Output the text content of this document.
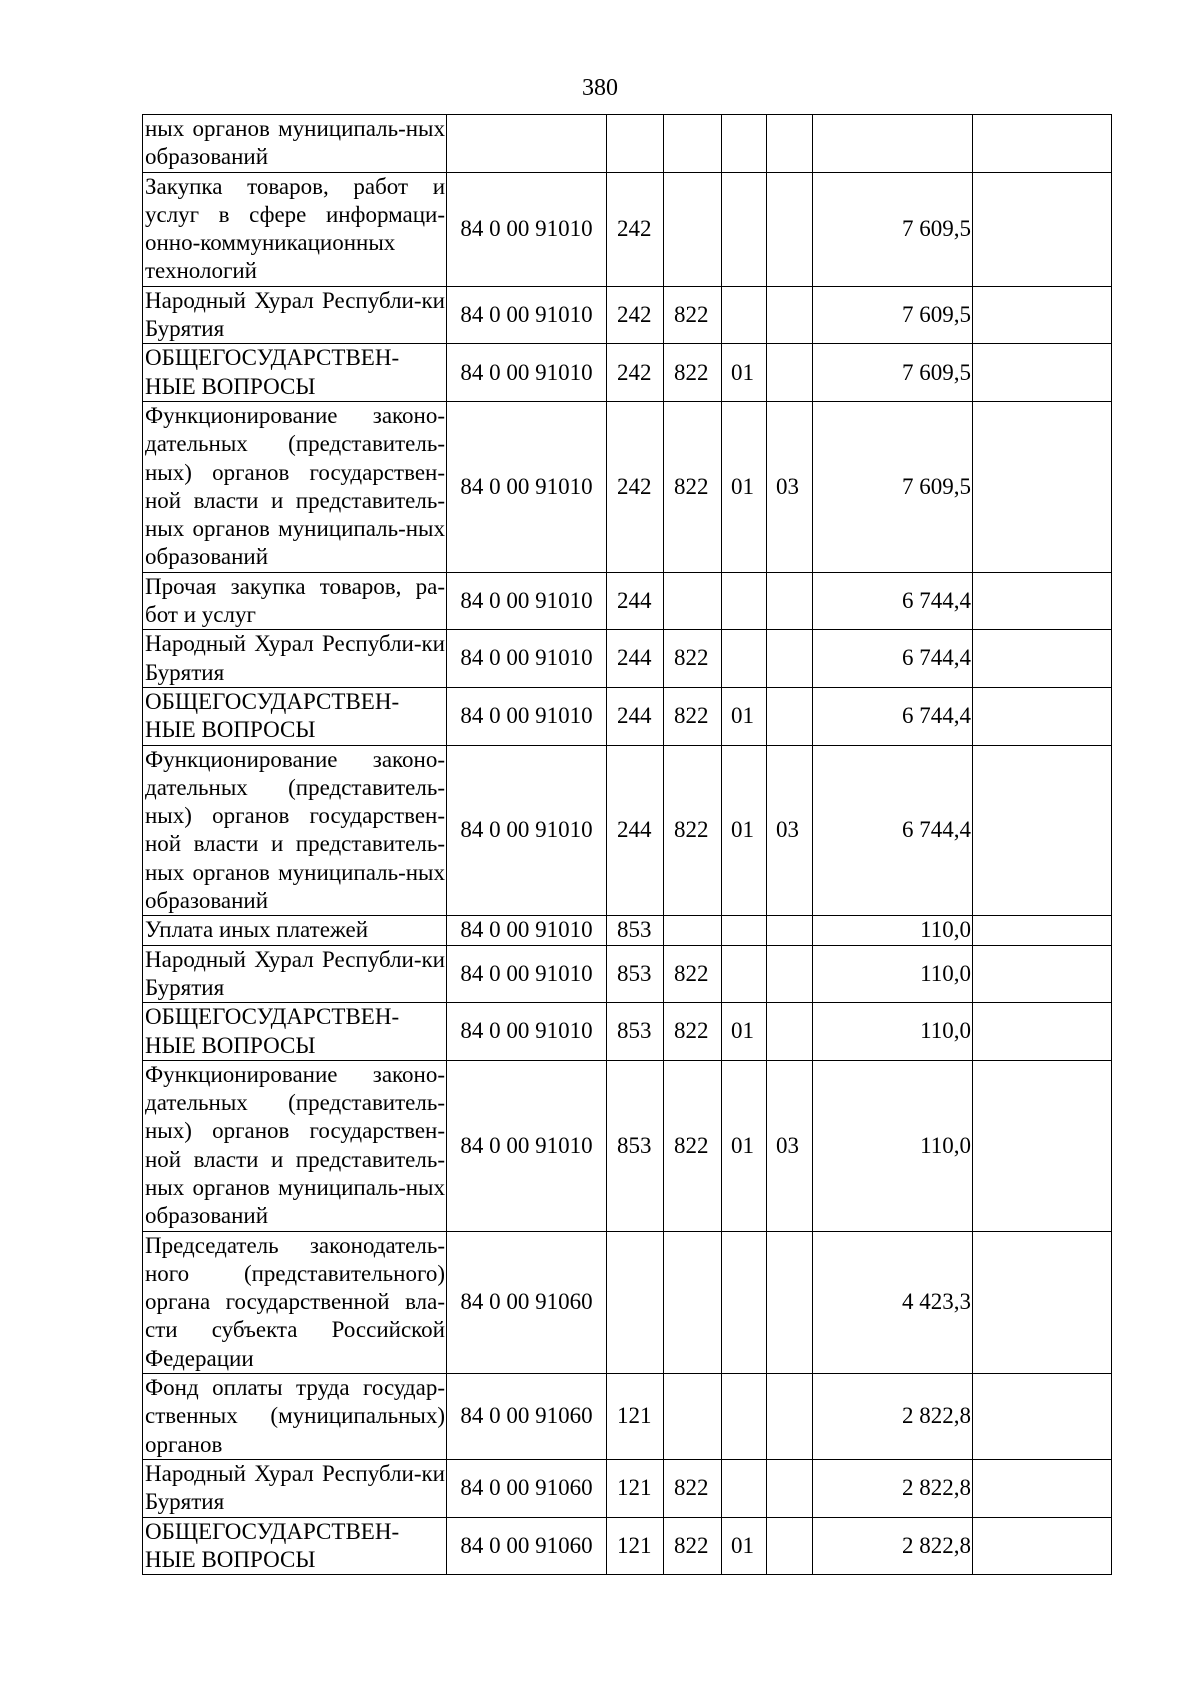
380
ных органов муниципаль-ных образований							
Закупка товаров, работ и услуг в сфере информаци-онно-коммуникационных технологий	84 0 00 91010	242				7 609,5	
Народный Хурал Республи-ки Бурятия	84 0 00 91010	242	822			7 609,5	
ОБЩЕГОСУДАРСТВЕН-НЫЕ ВОПРОСЫ	84 0 00 91010	242	822	01		7 609,5	
Функционирование законо-дательных (представитель-ных) органов государствен-ной власти и представитель-ных органов муниципаль-ных образований	84 0 00 91010	242	822	01	03	7 609,5	
Прочая закупка товаров, ра-бот и услуг	84 0 00 91010	244				6 744,4	
Народный Хурал Республи-ки Бурятия	84 0 00 91010	244	822			6 744,4	
ОБЩЕГОСУДАРСТВЕН-НЫЕ ВОПРОСЫ	84 0 00 91010	244	822	01		6 744,4	
Функционирование законо-дательных (представитель-ных) органов государствен-ной власти и представитель-ных органов муниципаль-ных образований	84 0 00 91010	244	822	01	03	6 744,4	
Уплата иных платежей	84 0 00 91010	853				110,0	
Народный Хурал Республи-ки Бурятия	84 0 00 91010	853	822			110,0	
ОБЩЕГОСУДАРСТВЕН-НЫЕ ВОПРОСЫ	84 0 00 91010	853	822	01		110,0	
Функционирование законо-дательных (представитель-ных) органов государствен-ной власти и представитель-ных органов муниципаль-ных образований	84 0 00 91010	853	822	01	03	110,0	
Председатель законодатель-ного (представительного) органа государственной вла-сти субъекта Российской Федерации	84 0 00 91060					4 423,3	
Фонд оплаты труда государ-ственных (муниципальных) органов	84 0 00 91060	121				2 822,8	
Народный Хурал Республи-ки Бурятия	84 0 00 91060	121	822			2 822,8	
ОБЩЕГОСУДАРСТВЕН-НЫЕ ВОПРОСЫ	84 0 00 91060	121	822	01		2 822,8	
